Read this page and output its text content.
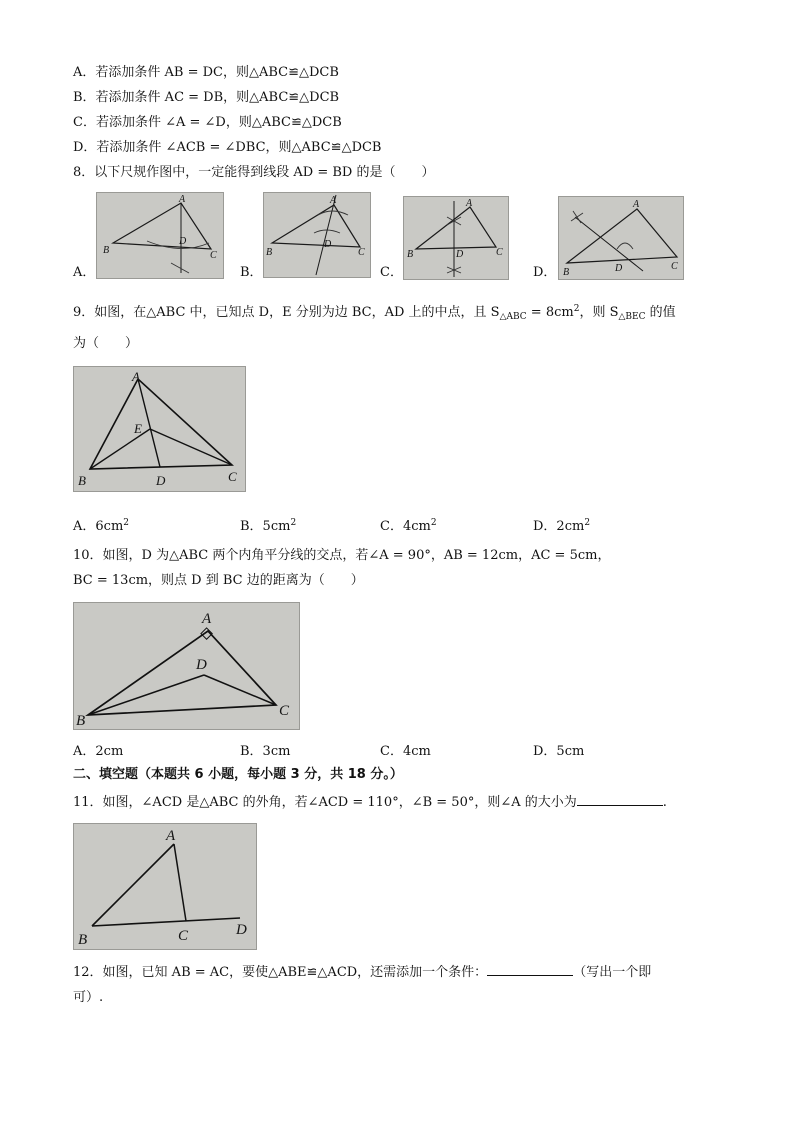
A．若添加条件 AB = DC，则△ABC≌△DCB
B．若添加条件 AC = DB，则△ABC≌△DCB
C．若添加条件 ∠A = ∠D，则△ABC≌△DCB
D．若添加条件 ∠ACB = ∠DBC，则△ABC≌△DCB
8．以下尺规作图中，一定能得到线段 AD = BD 的是（　　）
A．
A
B	C
D
B．
A
B	C
D
C．
A
B	C
D
D．
A
B
C
D
9．如图，在△ABC 中，已知点 D，E 分别为边 BC，AD 上的中点，且 $S_{\triangle ABC} = 8cm^2$，则 $S_{\triangle BEC}$ 的值
为（　　）
A
E
B	D	C
A．$6cm^2$	B．$5cm^2$	C．$4cm^2$	D．$2cm^2$
10．如图，D 为△ABC 两个内角平分线的交点，若∠A = 90°，AB = 12cm，AC = 5cm，
BC = 13cm，则点 D 到 BC 边的距离为（　　）
A
D
B
C
A．2cm	B．3cm	C．4cm	D．5cm
二、填空题（本题共 6 小题，每小题 3 分，共 18 分。）
11．如图，∠ACD 是△ABC 的外角，若∠ACD = 110°，∠B = 50°，则∠A 的大小为	.
A
B	C	D
12．如图，已知 AB = AC，要使△ABE≌△ACD，还需添加一个条件：	（写出一个即
可）.
